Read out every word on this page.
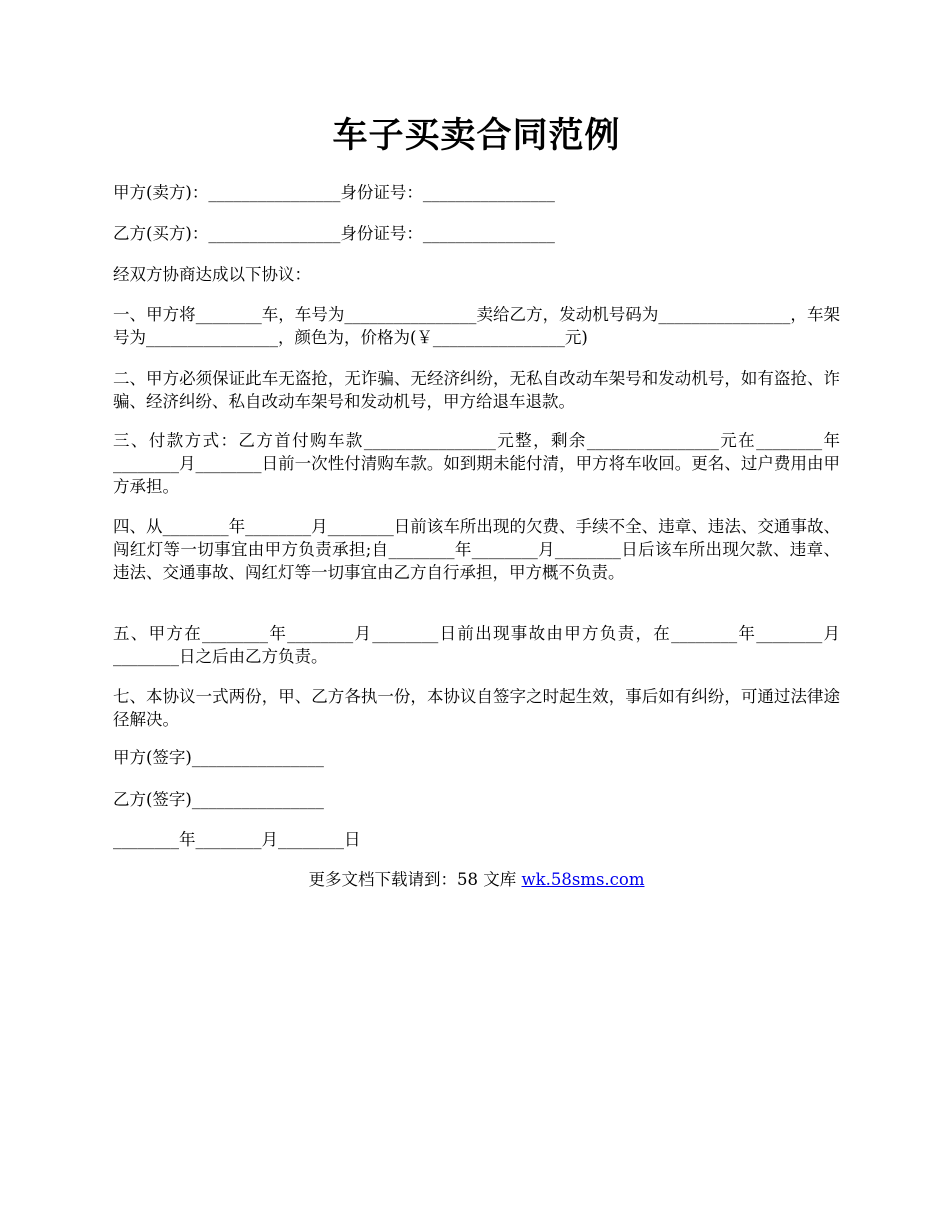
车子买卖合同范例
甲方(卖方)：________________身份证号：________________
乙方(买方)：________________身份证号：________________
经双方协商达成以下协议：
一、甲方将________车，车号为________________卖给乙方，发动机号码为________________，车架号为________________，颜色为，价格为(￥________________元)
二、甲方必须保证此车无盗抢，无诈骗、无经济纠纷，无私自改动车架号和发动机号，如有盗抢、诈骗、经济纠纷、私自改动车架号和发动机号，甲方给退车退款。
三、付款方式：乙方首付购车款________________元整，剩余________________元在________年________月________日前一次性付清购车款。如到期未能付清，甲方将车收回。更名、过户费用由甲方承担。
四、从________年________月________日前该车所出现的欠费、手续不全、违章、违法、交通事故、闯红灯等一切事宜由甲方负责承担;自________年________月________日后该车所出现欠款、违章、违法、交通事故、闯红灯等一切事宜由乙方自行承担，甲方概不负责。
五、甲方在________年________月________日前出现事故由甲方负责，在________年________月________日之后由乙方负责。
七、本协议一式两份，甲、乙方各执一份，本协议自签字之时起生效，事后如有纠纷，可通过法律途径解决。
甲方(签字)________________
乙方(签字)________________
________年________月________日
更多文档下载请到：58 文库 wk.58sms.com
